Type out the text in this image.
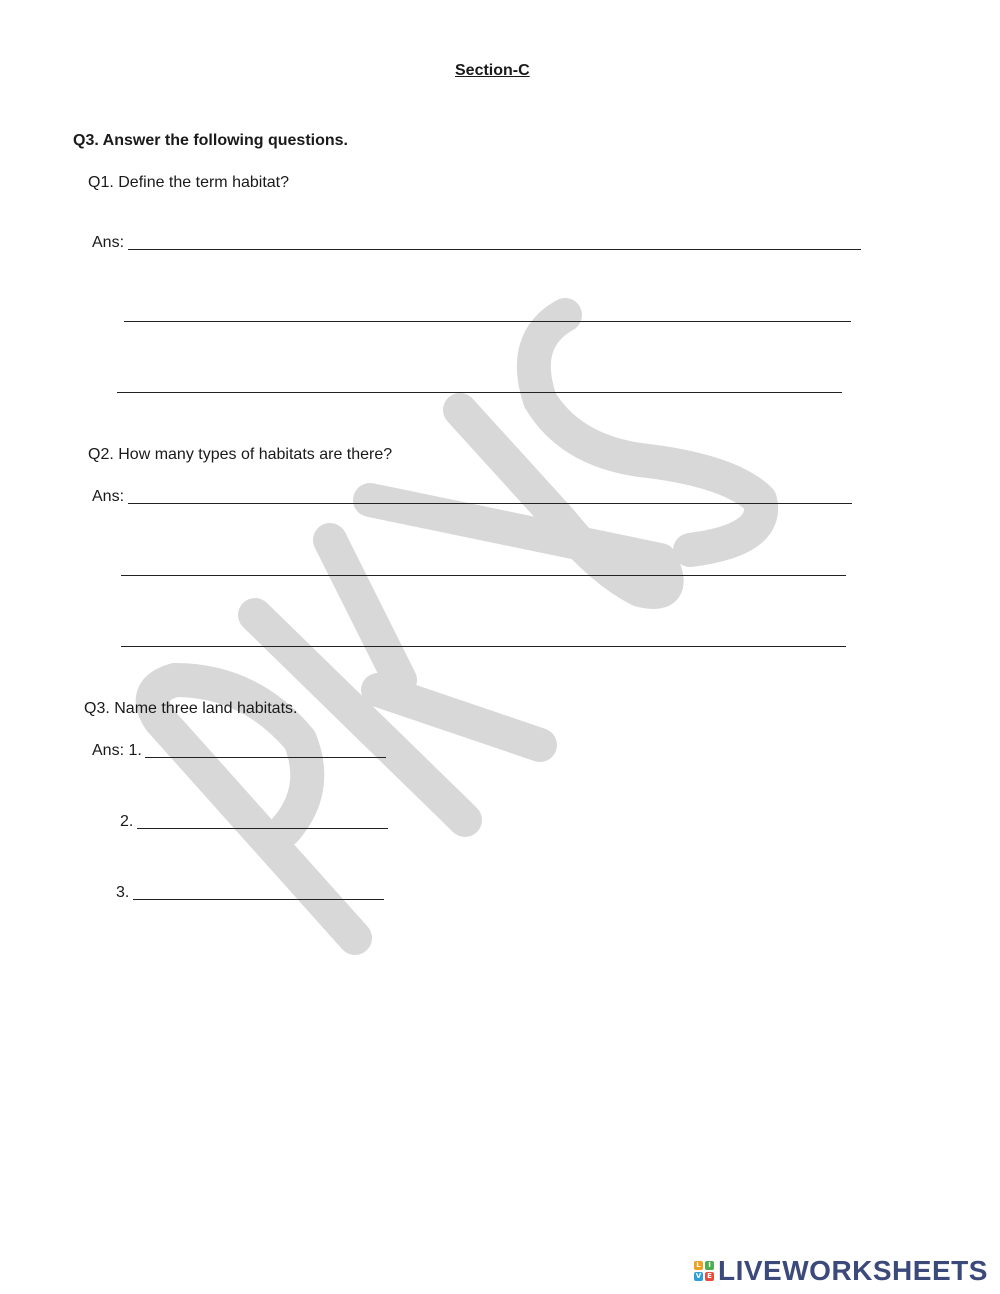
Section-C
Q3. Answer the following questions.
Q1. Define the term habitat?
Ans:
Q2. How many types of habitats are there?
Ans:
Q3. Name three land habitats.
Ans: 1.
2.
3.
L	I
V E LIVEWORKSHEETS
